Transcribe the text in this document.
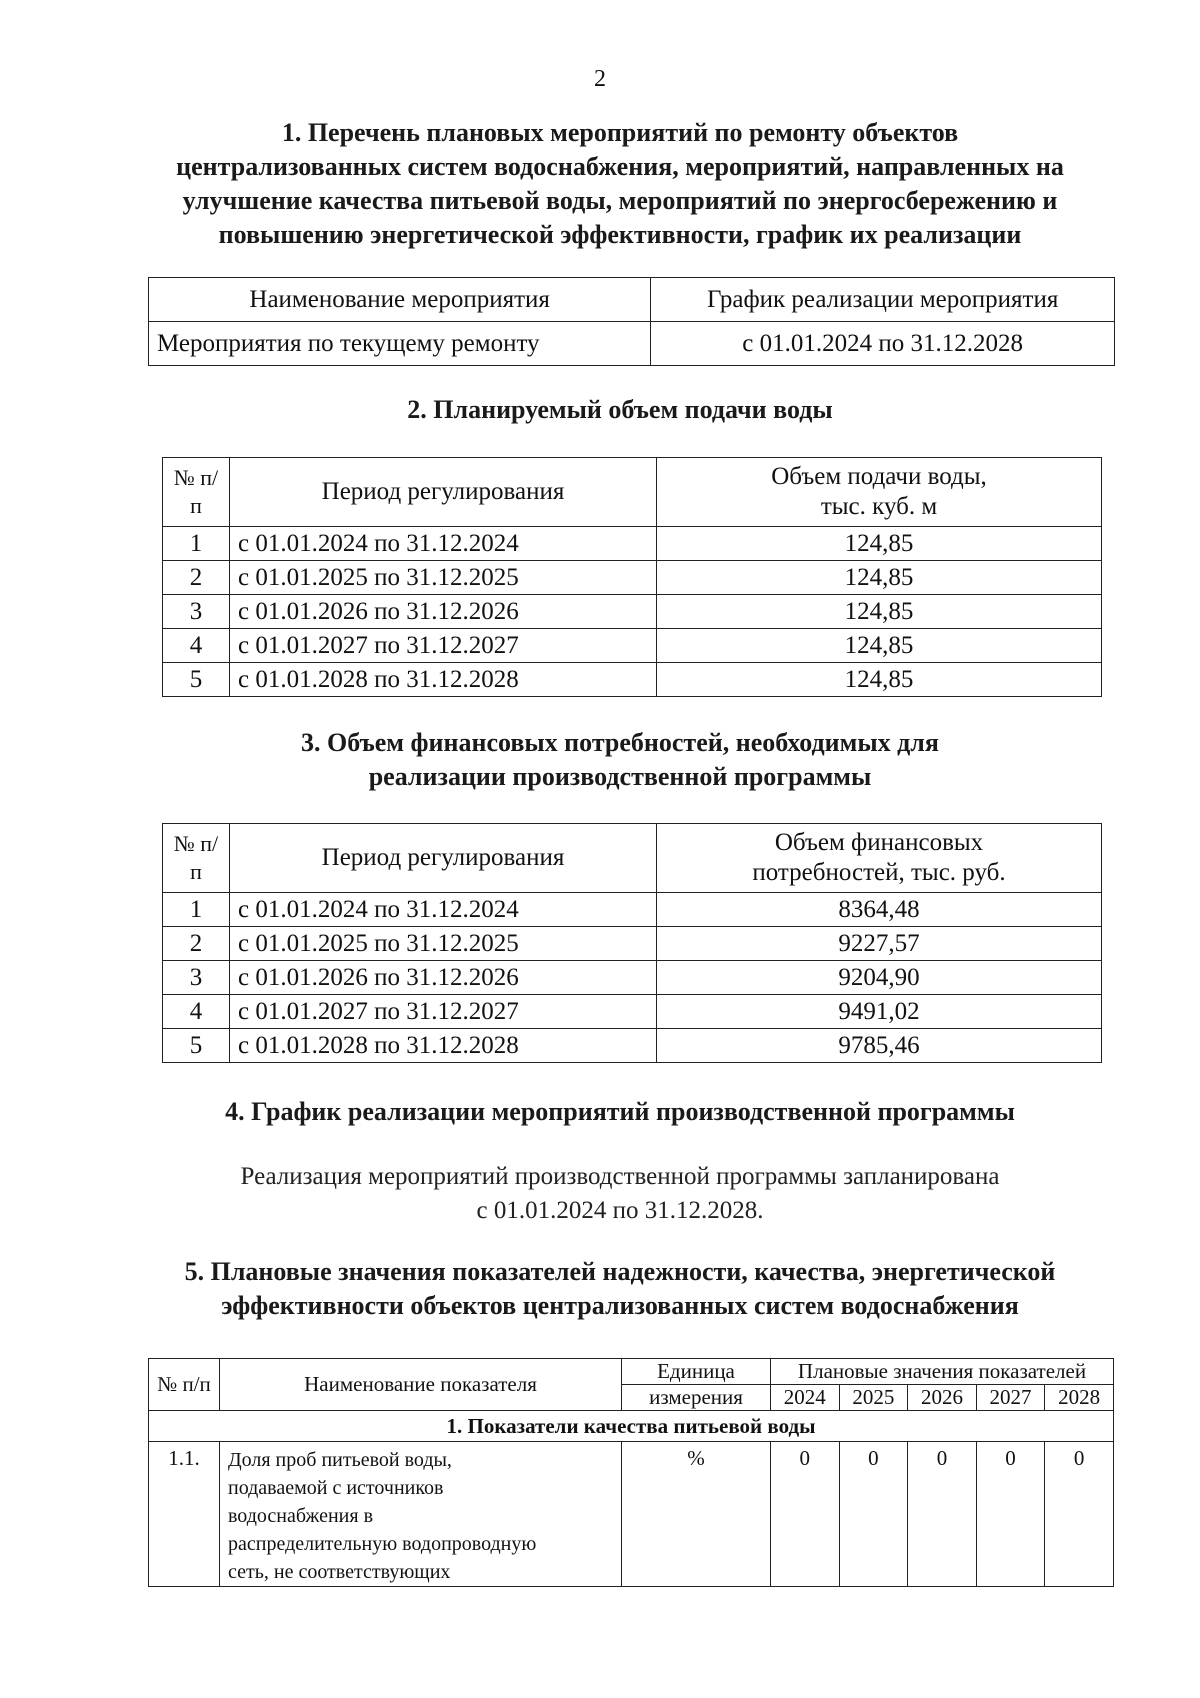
2
1. Перечень плановых мероприятий по ремонту объектов
централизованных систем водоснабжения, мероприятий, направленных на
улучшение качества питьевой воды, мероприятий по энергосбережению и
повышению энергетической эффективности, график их реализации
Наименование мероприятия	График реализации мероприятия
Мероприятия по текущему ремонту	с 01.01.2024 по 31.12.2028
2. Планируемый объем подачи воды
№ п/п	Период регулирования	Объем подачи воды,
тыс. куб. м

1	с 01.01.2024 по 31.12.2024	124,85
2	с 01.01.2025 по 31.12.2025	124,85
3	с 01.01.2026 по 31.12.2026	124,85
4	с 01.01.2027 по 31.12.2027	124,85
5	с 01.01.2028 по 31.12.2028	124,85
3. Объем финансовых потребностей, необходимых для
реализации производственной программы
№ п/п	Период регулирования	Объем финансовых
потребностей, тыс. руб.

1	с 01.01.2024 по 31.12.2024	8364,48
2	с 01.01.2025 по 31.12.2025	9227,57
3	с 01.01.2026 по 31.12.2026	9204,90
4	с 01.01.2027 по 31.12.2027	9491,02
5	с 01.01.2028 по 31.12.2028	9785,46
4. График реализации мероприятий производственной программы
Реализация мероприятий производственной программы запланирована
с 01.01.2024 по 31.12.2028.
5. Плановые значения показателей надежности, качества, энергетической
эффективности объектов централизованных систем водоснабжения
№ п/п	Наименование показателя	Единица	Плановые значения показателей				
		измерения	2024	2025	2026	2027	2028
1. Показатели качества питьевой воды							
1.1.	Доля проб питьевой воды,
подаваемой с источников
водоснабжения в
распределительную водопроводную
сеть, не соответствующих	%	0	0	0	0	0
